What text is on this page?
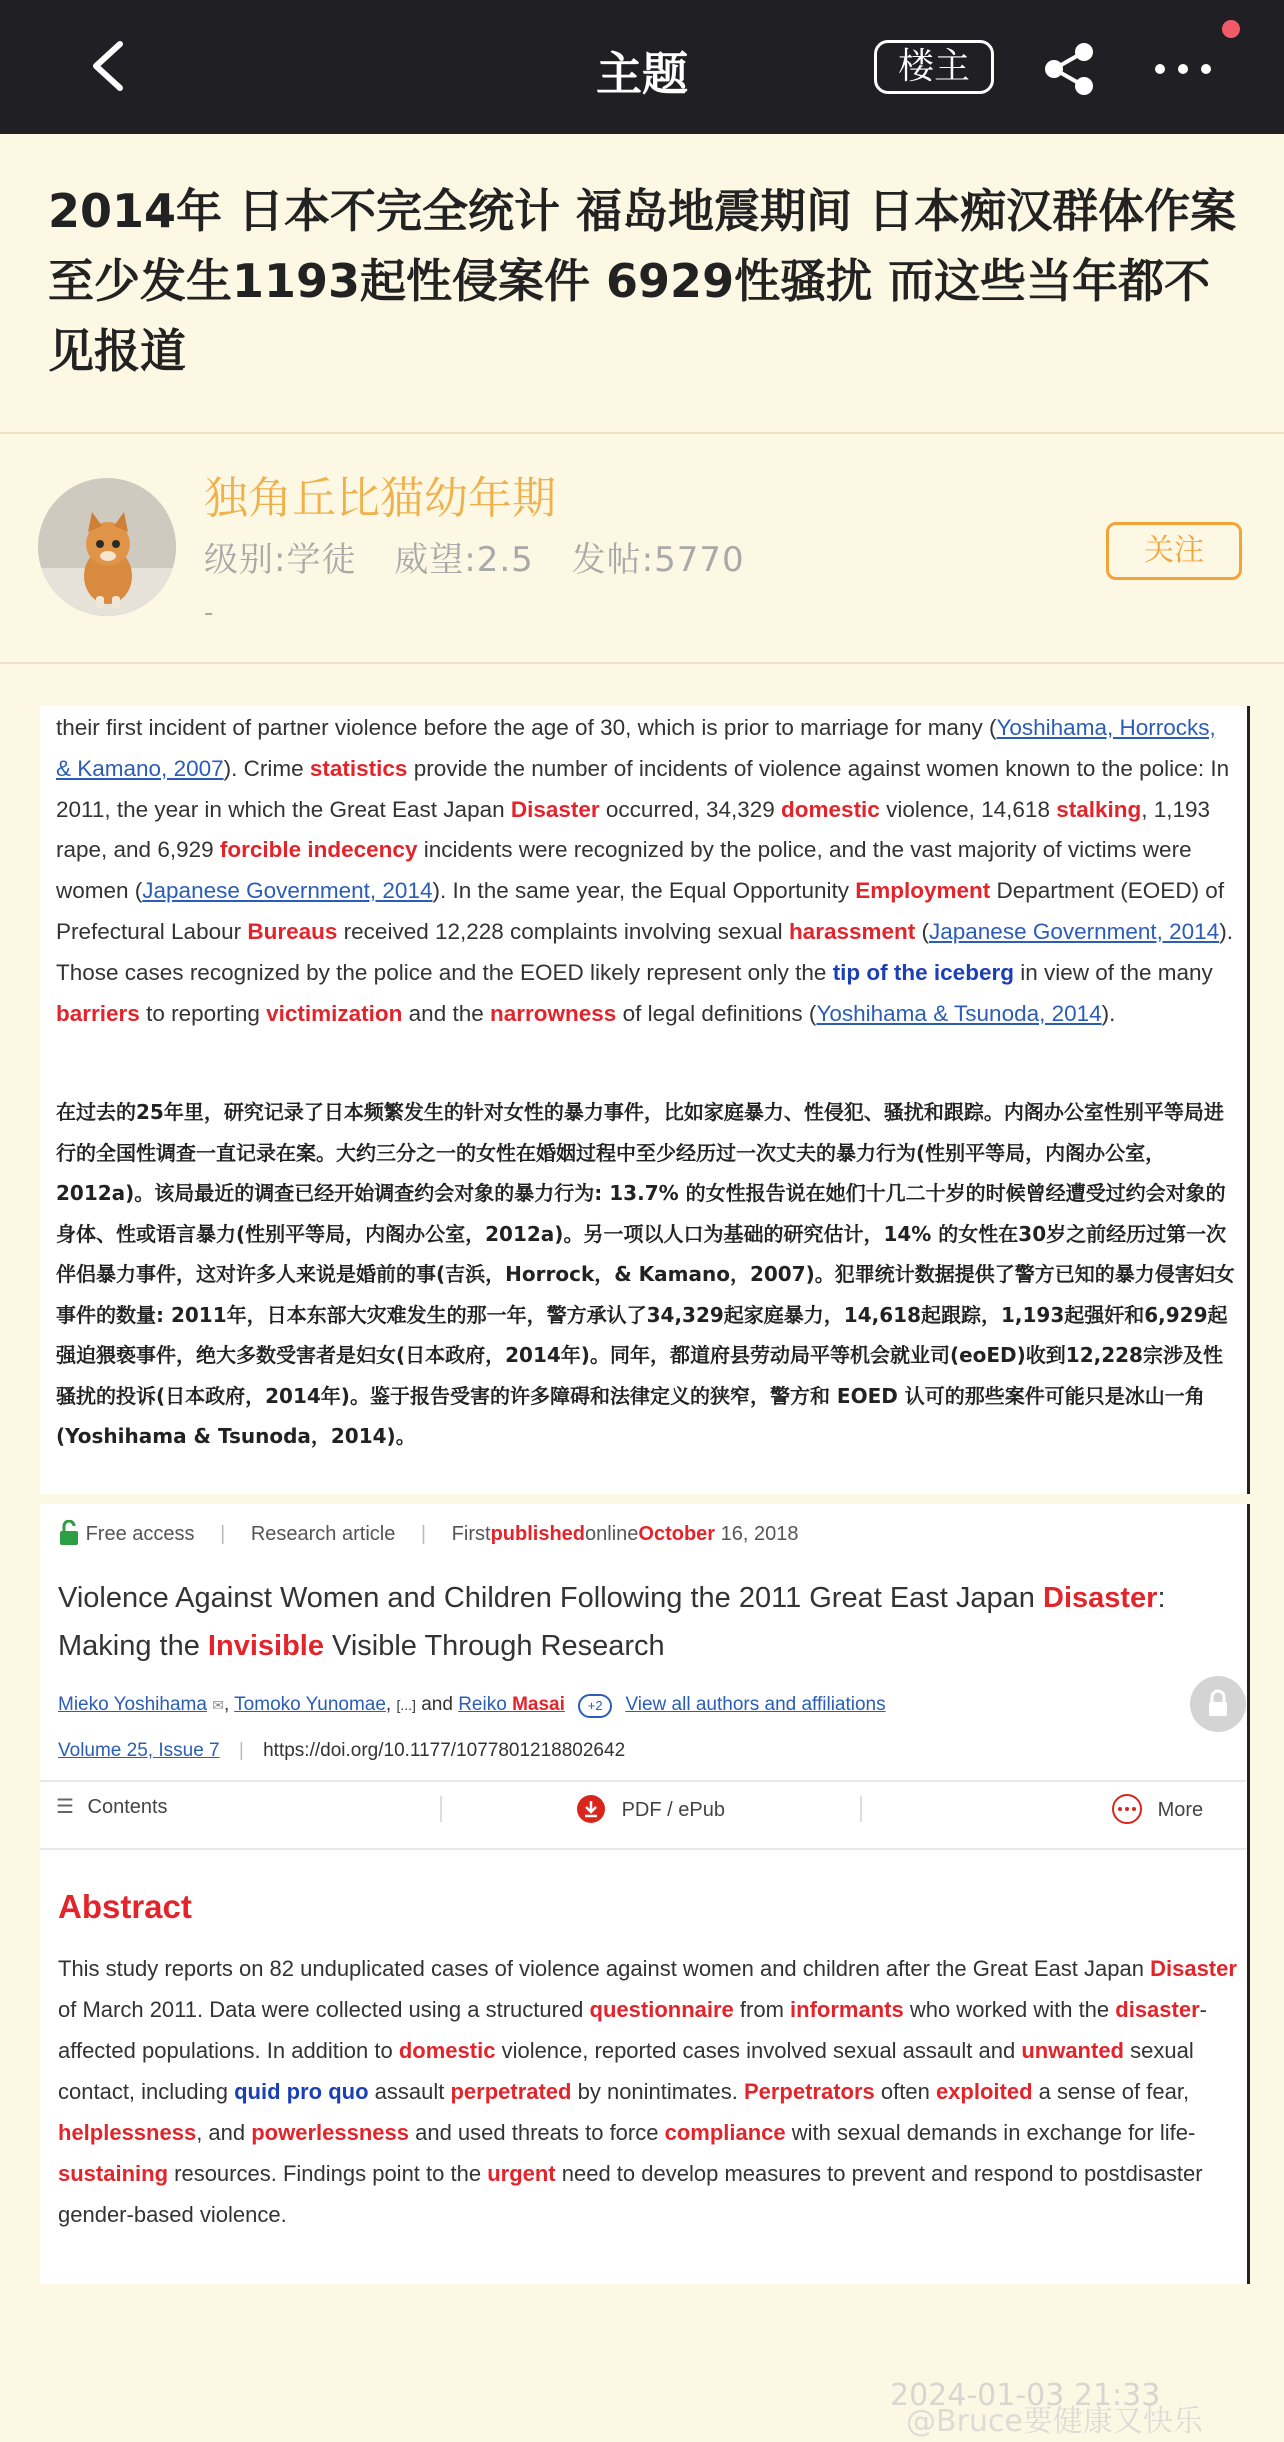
主题	楼主
2014年 日本不完全统计 福岛地震期间 日本痴汉群体作案 至少发生1193起性侵案件 6929性骚扰 而这些当年都不见报道
独角丘比猫幼年期
级别:学徒 威望:2.5 发帖:5770
-
关注
their first incident of partner violence before the age of 30, which is prior to marriage for many (Yoshihama, Horrocks, & Kamano, 2007). Crime statistics provide the number of incidents of violence against women known to the police: In 2011, the year in which the Great East Japan Disaster occurred, 34,329 domestic violence, 14,618 stalking, 1,193 rape, and 6,929 forcible indecency incidents were recognized by the police, and the vast majority of victims were women (Japanese Government, 2014). In the same year, the Equal Opportunity Employment Department (EOED) of Prefectural Labour Bureaus received 12,228 complaints involving sexual harassment (Japanese Government, 2014). Those cases recognized by the police and the EOED likely represent only the tip of the iceberg in view of the many barriers to reporting victimization and the narrowness of legal definitions (Yoshihama & Tsunoda, 2014).
在过去的25年里，研究记录了日本频繁发生的针对女性的暴力事件，比如家庭暴力、性侵犯、骚扰和跟踪。内阁办公室性别平等局进行的全国性调查一直记录在案。大约三分之一的女性在婚姻过程中至少经历过一次丈夫的暴力行为(性别平等局，内阁办公室，2012a)。该局最近的调查已经开始调查约会对象的暴力行为: 13.7% 的女性报告说在她们十几二十岁的时候曾经遭受过约会对象的身体、性或语言暴力(性别平等局，内阁办公室，2012a)。另一项以人口为基础的研究估计，14% 的女性在30岁之前经历过第一次伴侣暴力事件，这对许多人来说是婚前的事(吉浜，Horrock，& Kamano，2007)。犯罪统计数据提供了警方已知的暴力侵害妇女事件的数量: 2011年，日本东部大灾难发生的那一年，警方承认了34,329起家庭暴力，14,618起跟踪，1,193起强奸和6,929起强迫猥亵事件，绝大多数受害者是妇女(日本政府，2014年)。同年，都道府县劳动局平等机会就业司(eoED)收到12,228宗涉及性骚扰的投诉(日本政府，2014年)。鉴于报告受害的许多障碍和法律定义的狭窄，警方和 EOED 认可的那些案件可能只是冰山一角(Yoshihama & Tsunoda，2014)。
Free access | Research article | FirstpublishedonlineOctober 16, 2018
Violence Against Women and Children Following the 2011 Great East Japan Disaster: Making the Invisible Visible Through Research
Mieko Yoshihama ✉, Tomoko Yunomae, [...] and Reiko Masai +2 View all authors and affiliations
Volume 25, Issue 7 | https://doi.org/10.1177/1077801218802642
☰ Contents	PDF / ePub	More
Abstract
This study reports on 82 unduplicated cases of violence against women and children after the Great East Japan Disaster of March 2011. Data were collected using a structured questionnaire from informants who worked with the disaster-affected populations. In addition to domestic violence, reported cases involved sexual assault and unwanted sexual contact, including quid pro quo assault perpetrated by nonintimates. Perpetrators often exploited a sense of fear, helplessness, and powerlessness and used threats to force compliance with sexual demands in exchange for life-sustaining resources. Findings point to the urgent need to develop measures to prevent and respond to postdisaster gender-based violence.
2024-01-03 21:33
@Bruce要健康又快乐
